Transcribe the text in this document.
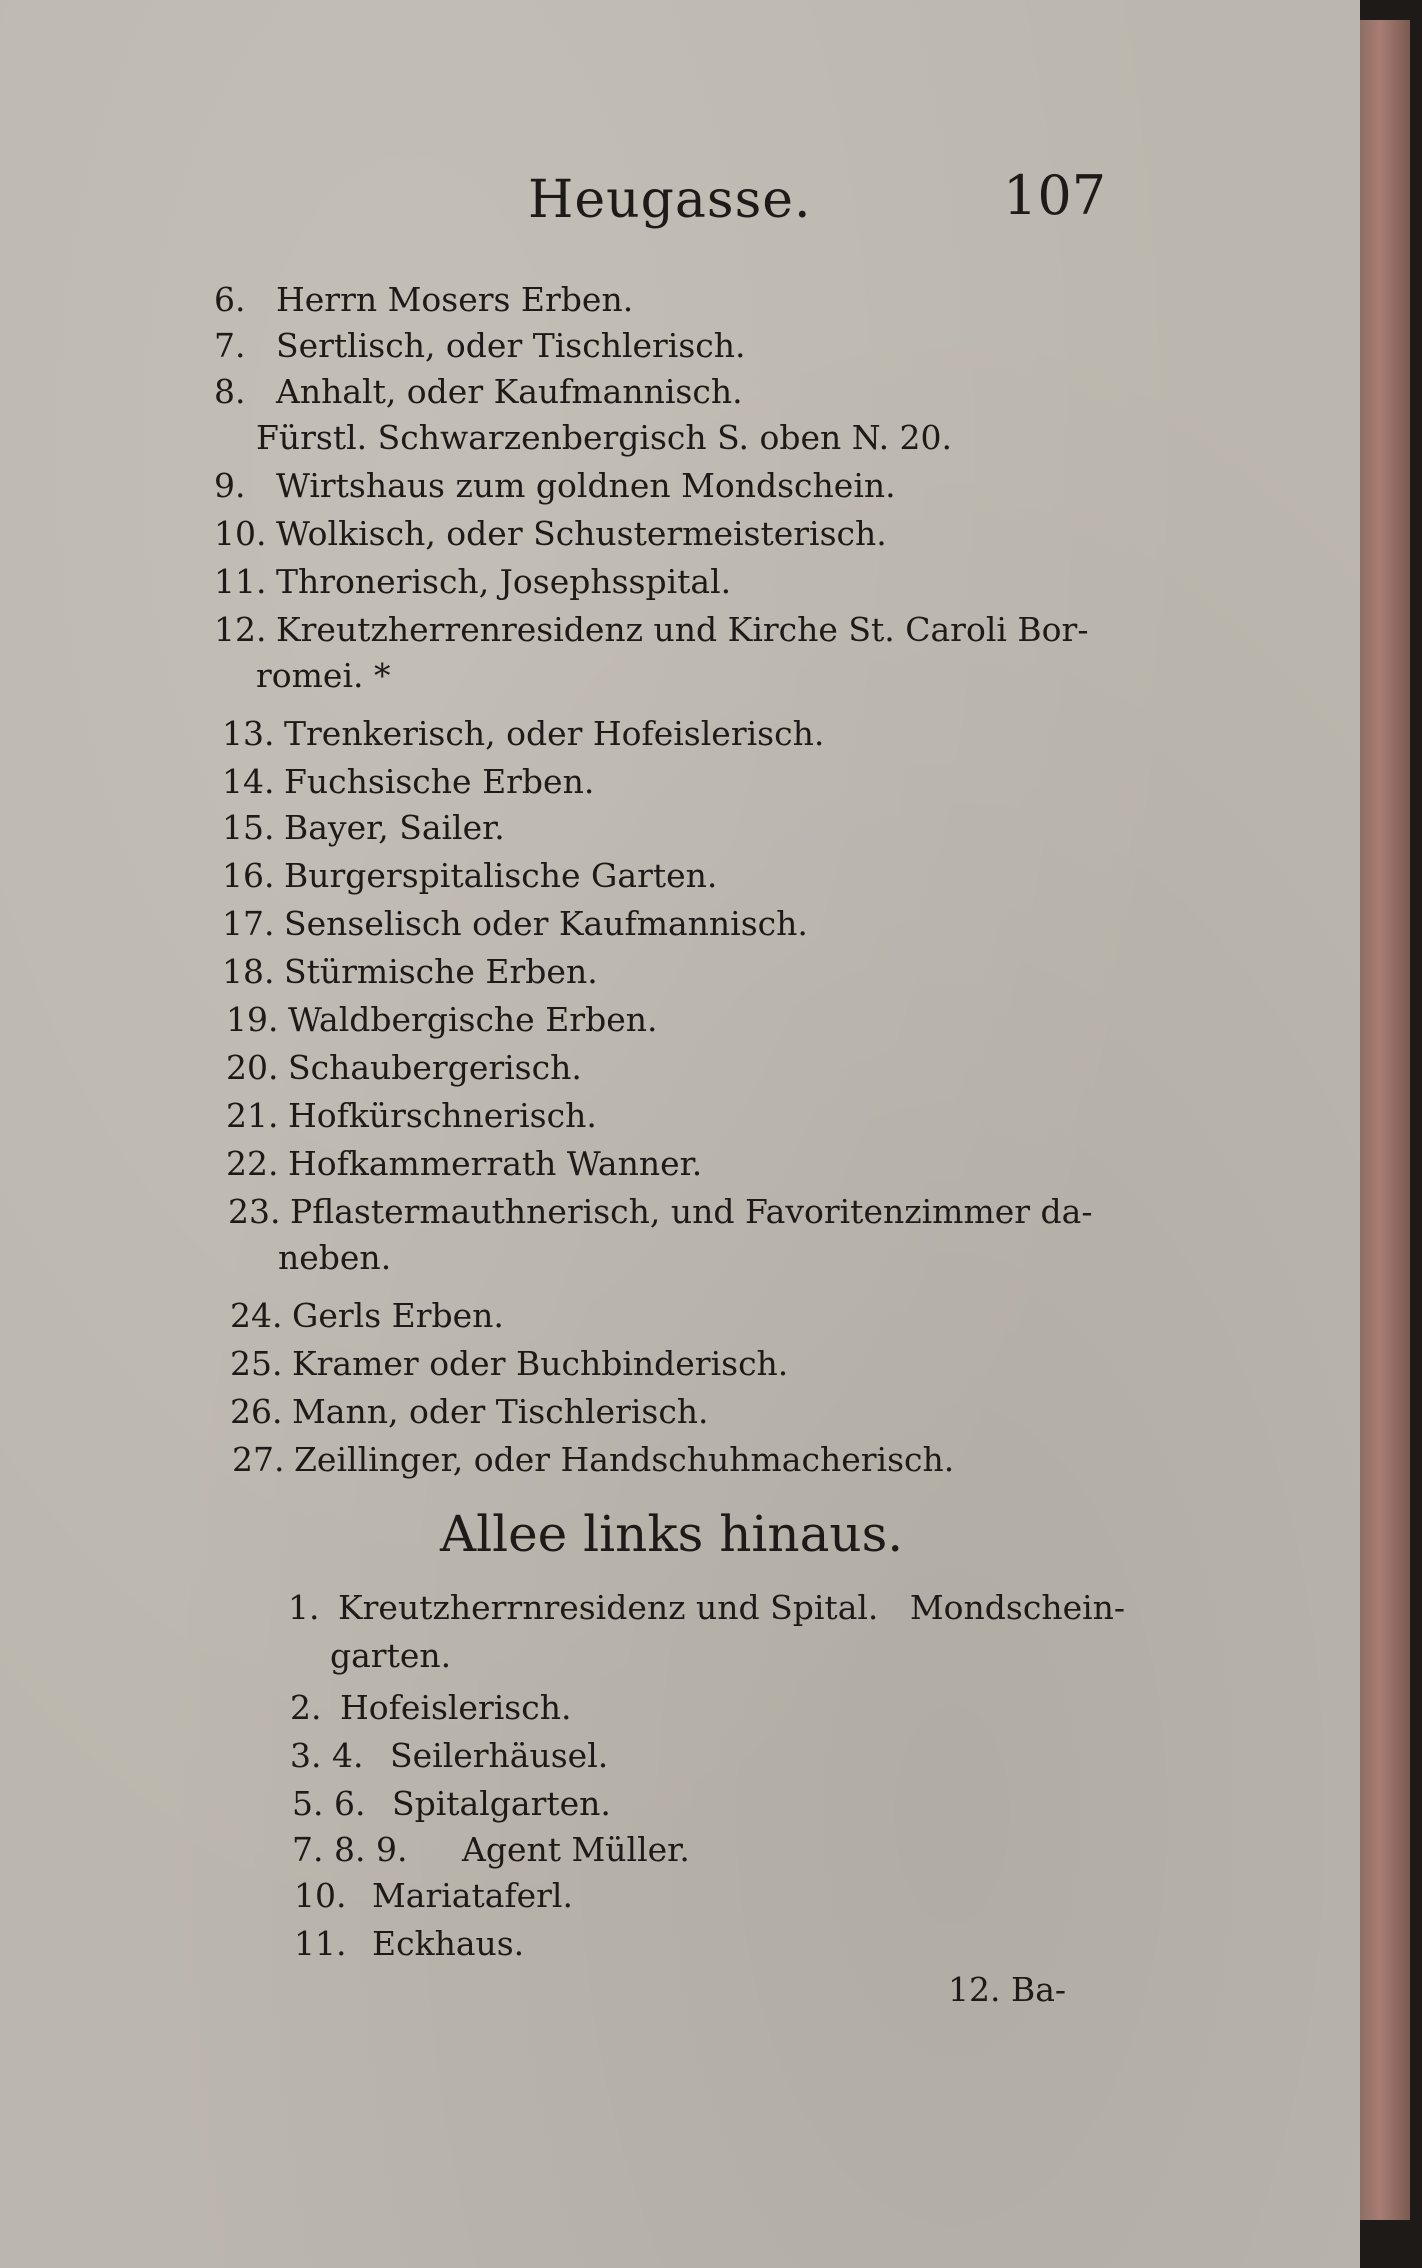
Heugasse.	107
6. Herrn Mosers Erben.
7. Sertlisch, oder Tischlerisch.
8. Anhalt, oder Kaufmannisch.
Fürstl. Schwarzenbergisch S. oben N. 20.
9. Wirtshaus zum goldnen Mondschein.
10. Wolkisch, oder Schustermeisterisch.
11. Thronerisch, Josephsspital.
12. Kreutzherrenresidenz und Kirche St. Caroli Bor-
romei. *
13. Trenkerisch, oder Hofeislerisch.
14. Fuchsische Erben.
15. Bayer, Sailer.
16. Burgerspitalische Garten.
17. Senselisch oder Kaufmannisch.
18. Stürmische Erben.
19. Waldbergische Erben.
20. Schaubergerisch.
21. Hofkürschnerisch.
22. Hofkammerrath Wanner.
23. Pflastermauthnerisch, und Favoritenzimmer da-
neben.
24. Gerls Erben.
25. Kramer oder Buchbinderisch.
26. Mann, oder Tischlerisch.
27. Zeillinger, oder Handschuhmacherisch.
Allee links hinaus.
1. Kreutzherrnresidenz und Spital.   Mondschein-
garten.
2. Hofeislerisch.
3. 4. Seilerhäusel.
5. 6. Spitalgarten.
7. 8. 9. Agent Müller.
10. Mariataferl.
11. Eckhaus.
12. Ba-
